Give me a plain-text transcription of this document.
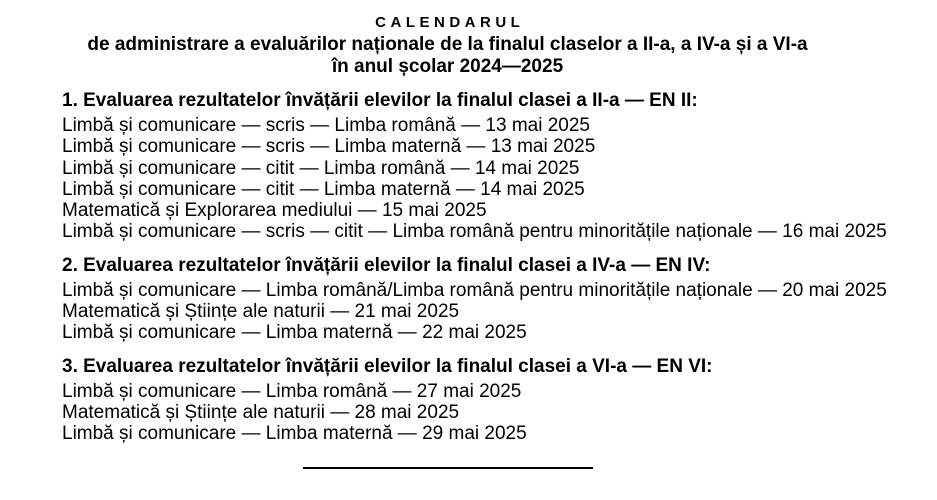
CALENDARUL
de administrare a evaluărilor naționale de la finalul claselor a II-a, a IV-a și a VI-a
în anul școlar 2024—2025
1. Evaluarea rezultatelor învățării elevilor la finalul clasei a II-a — EN II:
Limbă și comunicare — scris — Limba română — 13 mai 2025
Limbă și comunicare — scris — Limba maternă — 13 mai 2025
Limbă și comunicare — citit — Limba română — 14 mai 2025
Limbă și comunicare — citit — Limba maternă — 14 mai 2025
Matematică și Explorarea mediului — 15 mai 2025
Limbă și comunicare — scris — citit — Limba română pentru minoritățile naționale — 16 mai 2025
2. Evaluarea rezultatelor învățării elevilor la finalul clasei a IV-a — EN IV:
Limbă și comunicare — Limba română/Limba română pentru minoritățile naționale — 20 mai 2025
Matematică și Științe ale naturii — 21 mai 2025
Limbă și comunicare — Limba maternă — 22 mai 2025
3. Evaluarea rezultatelor învățării elevilor la finalul clasei a VI-a — EN VI:
Limbă și comunicare — Limba română — 27 mai 2025
Matematică și Științe ale naturii — 28 mai 2025
Limbă și comunicare — Limba maternă — 29 mai 2025
